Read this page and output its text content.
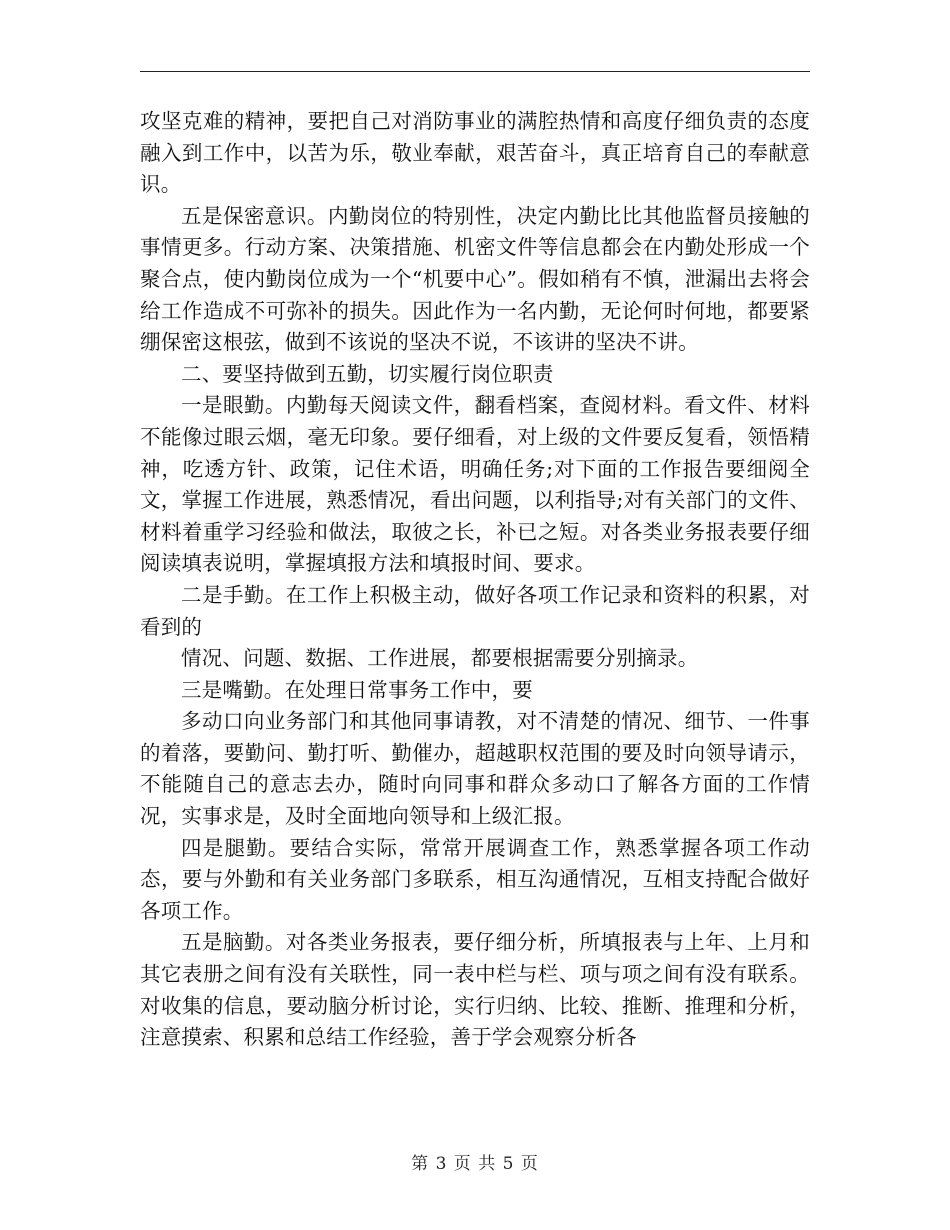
攻坚克难的精神，要把自己对消防事业的满腔热情和高度仔细负责的态度融入到工作中，以苦为乐，敬业奉献，艰苦奋斗，真正培育自己的奉献意识。

五是保密意识。内勤岗位的特别性，决定内勤比比其他监督员接触的事情更多。行动方案、决策措施、机密文件等信息都会在内勤处形成一个聚合点，使内勤岗位成为一个“机要中心”。假如稍有不慎，泄漏出去将会给工作造成不可弥补的损失。因此作为一名内勤，无论何时何地，都要紧绷保密这根弦，做到不该说的坚决不说，不该讲的坚决不讲。

二、要坚持做到五勤，切实履行岗位职责

一是眼勤。内勤每天阅读文件，翻看档案，查阅材料。看文件、材料不能像过眼云烟，毫无印象。要仔细看，对上级的文件要反复看，领悟精神，吃透方针、政策，记住术语，明确任务;对下面的工作报告要细阅全文，掌握工作进展，熟悉情况，看出问题，以利指导;对有关部门的文件、材料着重学习经验和做法，取彼之长，补已之短。对各类业务报表要仔细阅读填表说明，掌握填报方法和填报时间、要求。

二是手勤。在工作上积极主动，做好各项工作记录和资料的积累，对看到的

情况、问题、数据、工作进展，都要根据需要分别摘录。

三是嘴勤。在处理日常事务工作中，要

多动口向业务部门和其他同事请教，对不清楚的情况、细节、一件事的着落，要勤问、勤打听、勤催办，超越职权范围的要及时向领导请示，不能随自己的意志去办，随时向同事和群众多动口了解各方面的工作情况，实事求是，及时全面地向领导和上级汇报。

四是腿勤。要结合实际，常常开展调查工作，熟悉掌握各项工作动态，要与外勤和有关业务部门多联系，相互沟通情况，互相支持配合做好各项工作。

五是脑勤。对各类业务报表，要仔细分析，所填报表与上年、上月和其它表册之间有没有关联性，同一表中栏与栏、项与项之间有没有联系。对收集的信息，要动脑分析讨论，实行归纳、比较、推断、推理和分析，注意摸索、积累和总结工作经验，善于学会观察分析各

第 3 页 共 5 页
